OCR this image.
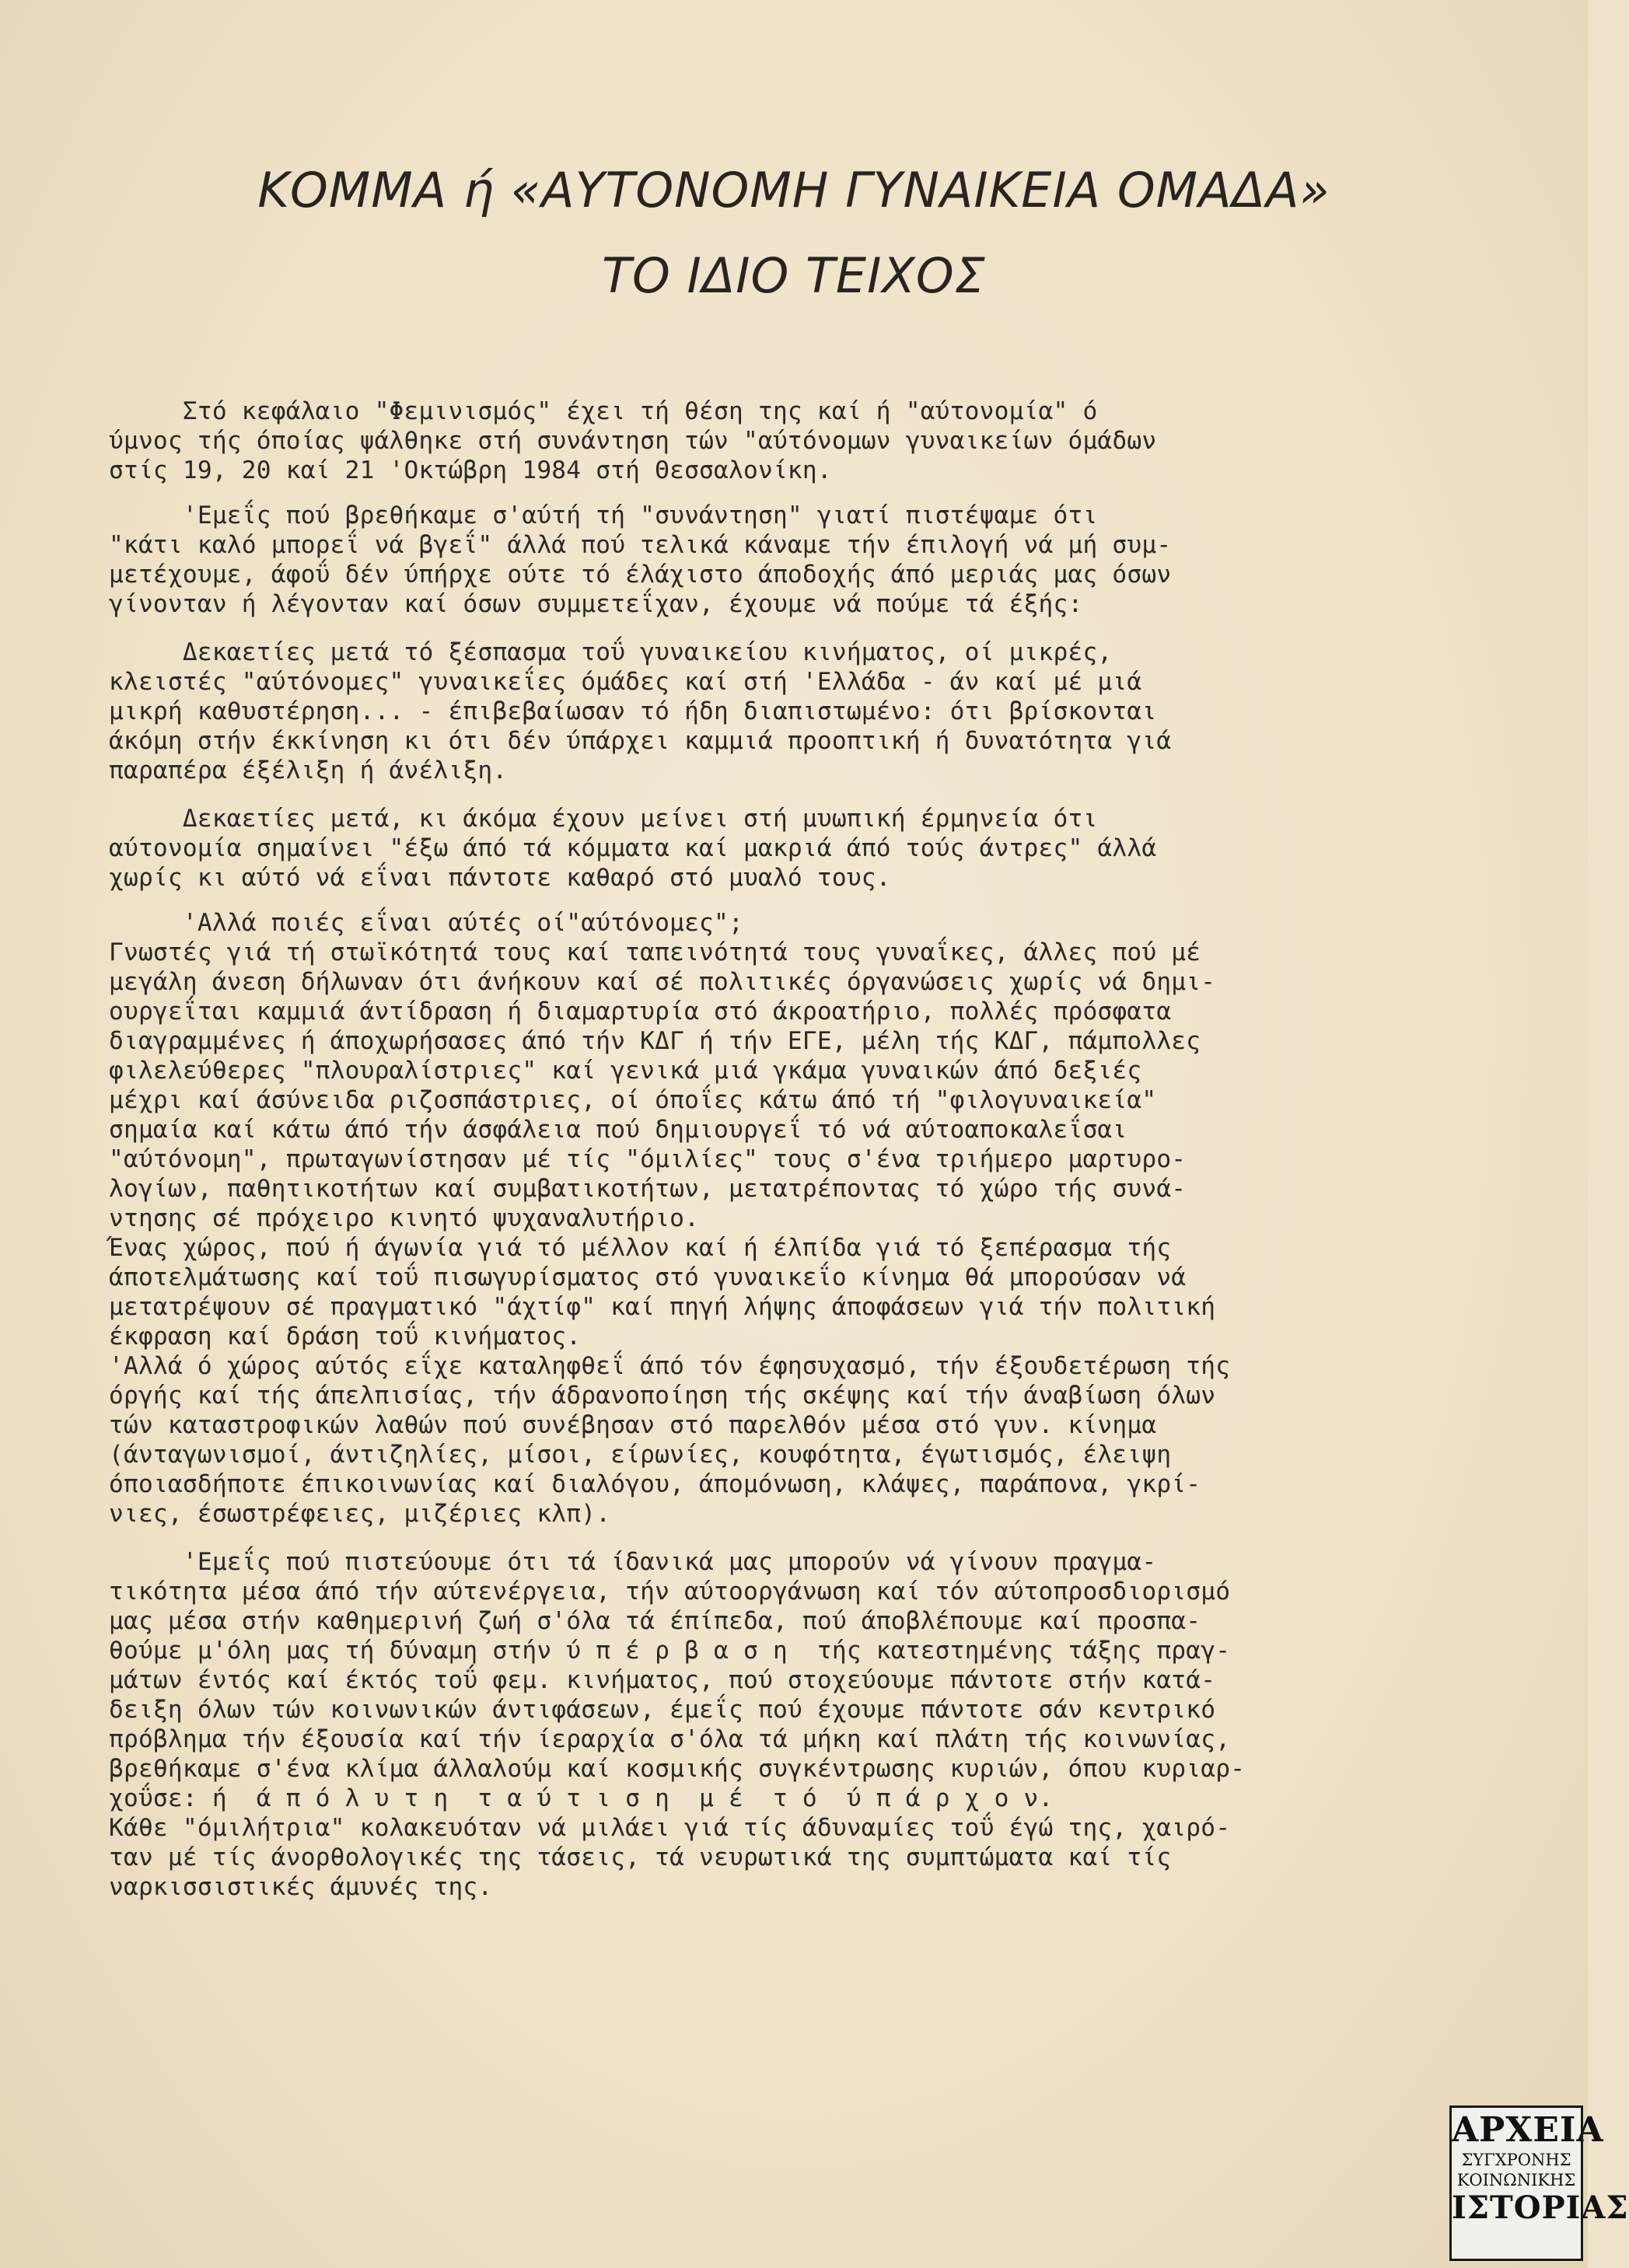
ΚΟΜΜΑ ή «ΑΥΤΟΝΟΜΗ ΓΥΝΑΙΚΕΙΑ ΟΜΑΔΑ»
ΤΟ ΙΔΙΟ ΤΕΙΧΟΣ
Στό κεφάλαιο "Φεμινισμός" έχει τή θέση της καί ή "αύτονομία" ό
ύμνος τής όποίας ψάλθηκε στή συνάντηση τών "αύτόνομων γυναικείων όμάδων
στίς 19, 20 καί 21 'Οκτώβρη 1984 στή Θεσσαλονίκη.
'Εμεΐς πού βρεθήκαμε σ'αύτή τή "συνάντηση" γιατί πιστέψαμε ότι
"κάτι καλό μπορεΐ νά βγεΐ" άλλά πού τελικά κάναμε τήν έπιλογή νά μή συμ-
μετέχουμε, άφοΰ δέν ύπήρχε ούτε τό έλάχιστο άποδοχής άπό μεριάς μας όσων
γίνονταν ή λέγονταν καί όσων συμμετεΐχαν, έχουμε νά πούμε τά έξής:
Δεκαετίες μετά τό ξέσπασμα τοΰ γυναικείου κινήματος, οί μικρές,
κλειστές "αύτόνομες" γυναικεΐες όμάδες καί στή 'Ελλάδα - άν καί μέ μιά
μικρή καθυστέρηση... - έπιβεβαίωσαν τό ήδη διαπιστωμένο: ότι βρίσκονται
άκόμη στήν έκκίνηση κι ότι δέν ύπάρχει καμμιά προοπτική ή δυνατότητα γιά
παραπέρα έξέλιξη ή άνέλιξη.
Δεκαετίες μετά, κι άκόμα έχουν μείνει στή μυωπική έρμηνεία ότι
αύτονομία σημαίνει "έξω άπό τά κόμματα καί μακριά άπό τούς άντρες" άλλά
χωρίς κι αύτό νά εΐναι πάντοτε καθαρό στό μυαλό τους.
'Αλλά ποιές εΐναι αύτές οί"αύτόνομες";
Γνωστές γιά τή στωϊκότητά τους καί ταπεινότητά τους γυναΐκες, άλλες πού μέ
μεγάλη άνεση δήλωναν ότι άνήκουν καί σέ πολιτικές όργανώσεις χωρίς νά δημι-
ουργεΐται καμμιά άντίδραση ή διαμαρτυρία στό άκροατήριο, πολλές πρόσφατα
διαγραμμένες ή άποχωρήσασες άπό τήν ΚΔΓ ή τήν ΕΓΕ, μέλη τής ΚΔΓ, πάμπολλες
φιλελεύθερες "πλουραλίστριες" καί γενικά μιά γκάμα γυναικών άπό δεξιές
μέχρι καί άσύνειδα ριζοσπάστριες, οί όποΐες κάτω άπό τή "φιλογυναικεία"
σημαία καί κάτω άπό τήν άσφάλεια πού δημιουργεΐ τό νά αύτοαποκαλεΐσαι
"αύτόνομη", πρωταγωνίστησαν μέ τίς "όμιλίες" τους σ'ένα τριήμερο μαρτυρο-
λογίων, παθητικοτήτων καί συμβατικοτήτων, μετατρέποντας τό χώρο τής συνά-
ντησης σέ πρόχειρο κινητό ψυχαναλυτήριο.
Ένας χώρος, πού ή άγωνία γιά τό μέλλον καί ή έλπίδα γιά τό ξεπέρασμα τής
άποτελμάτωσης καί τοΰ πισωγυρίσματος στό γυναικεΐο κίνημα θά μπορούσαν νά
μετατρέψουν σέ πραγματικό "άχτίφ" καί πηγή λήψης άποφάσεων γιά τήν πολιτική
έκφραση καί δράση τοΰ κινήματος.
'Αλλά ό χώρος αύτός εΐχε καταληφθεΐ άπό τόν έφησυχασμό, τήν έξουδετέρωση τής
όργής καί τής άπελπισίας, τήν άδρανοποίηση τής σκέψης καί τήν άναβίωση όλων
τών καταστροφικών λαθών πού συνέβησαν στό παρελθόν μέσα στό γυν. κίνημα
(άνταγωνισμοί, άντιζηλίες, μίσοι, είρωνίες, κουφότητα, έγωτισμός, έλειψη
όποιασδήποτε έπικοινωνίας καί διαλόγου, άπομόνωση, κλάψες, παράπονα, γκρί-
νιες, έσωστρέφειες, μιζέριες κλπ).
'Εμεΐς πού πιστεύουμε ότι τά ίδανικά μας μπορούν νά γίνουν πραγμα-
τικότητα μέσα άπό τήν αύτενέργεια, τήν αύτοοργάνωση καί τόν αύτοπροσδιορισμό
μας μέσα στήν καθημερινή ζωή σ'όλα τά έπίπεδα, πού άποβλέπουμε καί προσπα-
θούμε μ'όλη μας τή δύναμη στήν ύ π έ ρ β α σ η  τής κατεστημένης τάξης πραγ-
μάτων έντός καί έκτός τοΰ φεμ. κινήματος, πού στοχεύουμε πάντοτε στήν κατά-
δειξη όλων τών κοινωνικών άντιφάσεων, έμεΐς πού έχουμε πάντοτε σάν κεντρικό
πρόβλημα τήν έξουσία καί τήν ίεραρχία σ'όλα τά μήκη καί πλάτη τής κοινωνίας,
βρεθήκαμε σ'ένα κλίμα άλλαλούμ καί κοσμικής συγκέντρωσης κυριών, όπου κυριαρ-
χοΰσε: ή  ά π ό λ υ τ η  τ α ύ τ ι σ η  μ έ  τ ό  ύ π ά ρ χ ο ν.
Κάθε "όμιλήτρια" κολακευόταν νά μιλάει γιά τίς άδυναμίες τοΰ έγώ της, χαιρό-
ταν μέ τίς άνορθολογικές της τάσεις, τά νευρωτικά της συμπτώματα καί τίς
ναρκισσιστικές άμυνές της.
ΑΡΧΕΙΑ
ΣΥΓΧΡΟΝΗΣ
ΚΟΙΝΩΝΙΚΗΣ
ΙΣΤΟΡΙΑΣ
